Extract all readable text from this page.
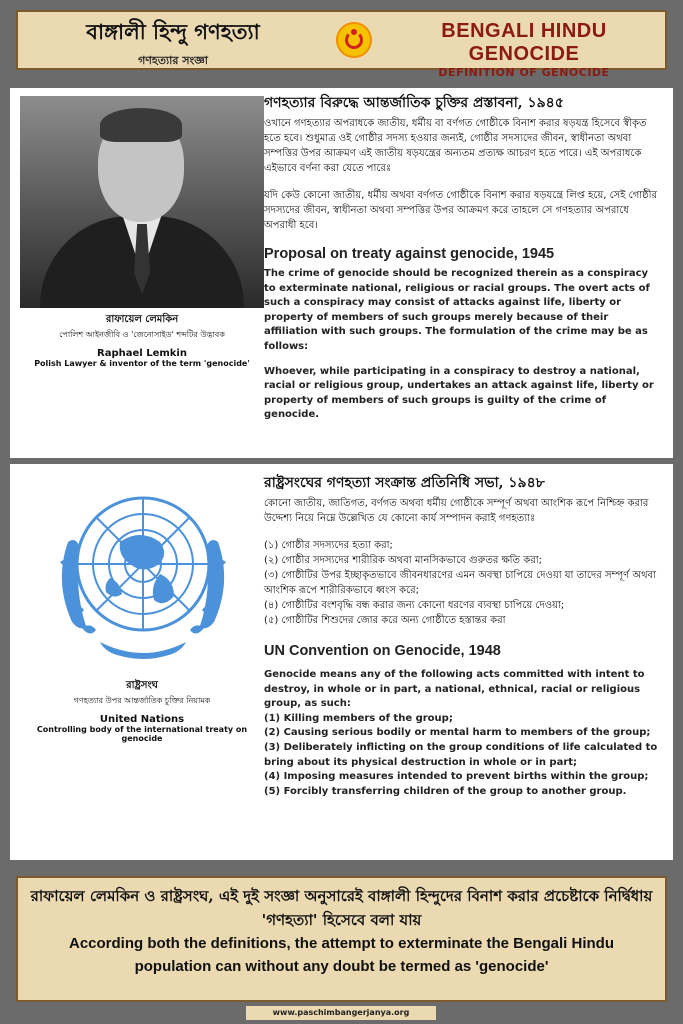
বাঙ্গালী হিন্দু গণহত্যা
গণহত্যার সংজ্ঞা
BENGALI HINDU GENOCIDE
DEFINITION OF GENOCIDE
রাফায়েল লেমকিন
পোলিশ আইনজীবি ও 'জেনোসাইড' শব্দটির উদ্ভাবক
Raphael Lemkin
Polish Lawyer & inventor of the term 'genocide'
গণহত্যার বিরুদ্ধে আন্তর্জাতিক চুক্তির প্রস্তাবনা, ১৯৪৫

ওখানে গণহত্যার অপরাধকে জাতীয়, ধর্মীয় বা বর্ণগত গোষ্ঠীকে বিনাশ করার ষড়যন্ত্র হিসেবে স্বীকৃত হতে হবে। শুধুমাত্র ওই গোষ্ঠীর সদস্য হওয়ার জন্যই, গোষ্ঠীর সদস্যদের জীবন, স্বাধীনতা অথবা সম্পত্তির উপর আক্রমণ এই জাতীয় ষড়যন্ত্রের অন্যতম প্রত্যক্ষ আচরণ হতে পারে। এই অপরাধকে এইভাবে বর্ণনা করা যেতে পারেঃ

যদি কেউ কোনো জাতীয়, ধর্মীয় অথবা বর্ণগত গোষ্ঠীকে বিনাশ করার ষড়যন্ত্রে লিপ্ত হয়ে, সেই গোষ্ঠীর সদস্যদের জীবন, স্বাধীনতা অথবা সম্পত্তির উপর আক্রমণ করে তাহলে সে গণহত্যার অপরাধে অপরাধী হবে।

Proposal on treaty against genocide, 1945

The crime of genocide should be recognized therein as a conspiracy to exterminate national, religious or racial groups. The overt acts of such a conspiracy may consist of attacks against life, liberty or property of members of such groups merely because of their affiliation with such groups. The formulation of the crime may be as follows:

Whoever, while participating in a conspiracy to destroy a national, racial or religious group, undertakes an attack against life, liberty or property of members of such groups is guilty of the crime of genocide.

রাষ্ট্রসংঘ
গণহত্যার উপর আন্তর্জাতিক চুক্তির নিয়ামক
United Nations
Controlling body of the international treaty on genocide
রাষ্ট্রসংঘের গণহত্যা সংক্রান্ত প্রতিনিধি সভা, ১৯৪৮

কোনো জাতীয়, জাতিগত, বর্ণগত অথবা ধর্মীয় গোষ্ঠীকে সম্পূর্ণ অথবা আংশিক রূপে নিশ্চিহ্ন করার উদ্দেশ্য নিয়ে নিম্নে উল্লেখিত যে কোনো কার্য সম্পাদন করাই গণহত্যাঃ

(১) গোষ্ঠীর সদস্যদের হত্যা করা;
(২) গোষ্ঠীর সদস্যদের শারীরিক অথবা মানসিকভাবে গুরুতর ক্ষতি করা;
(৩) গোষ্ঠীটির উপর ইচ্ছাকৃতভাবে জীবনধারণের এমন অবস্থা চাপিয়ে দেওয়া যা তাদের সম্পূর্ণ অথবা আংশিক রূপে শারীরিকভাবে ধ্বংস করে;
(৪) গোষ্ঠীটির বংশবৃদ্ধি বন্ধ করার জন্য কোনো ধরণের ব্যবস্থা চাপিয়ে দেওয়া;
(৫) গোষ্ঠীটির শিশুদের জোর করে অন্য গোষ্ঠীতে হস্তান্তর করা
UN Convention on Genocide, 1948

Genocide means any of the following acts committed with intent to destroy, in whole or in part, a national, ethnical, racial or religious group, as such:

(1) Killing members of the group;
(2) Causing serious bodily or mental harm to members of the group;
(3) Deliberately inflicting on the group conditions of life calculated to bring about its physical destruction in whole or in part;
(4) Imposing measures intended to prevent births within the group;
(5) Forcibly transferring children of the group to another group.
রাফায়েল লেমকিন ও রাষ্ট্রসংঘ, এই দুই সংজ্ঞা অনুসারেই বাঙ্গালী হিন্দুদের বিনাশ করার প্রচেষ্টাকে নির্দ্বিধায় 'গণহত্যা' হিসেবে বলা যায়
According both the definitions, the attempt to exterminate the Bengali Hindu population can without any doubt be termed as 'genocide'
www.paschimbangerjanya.org
